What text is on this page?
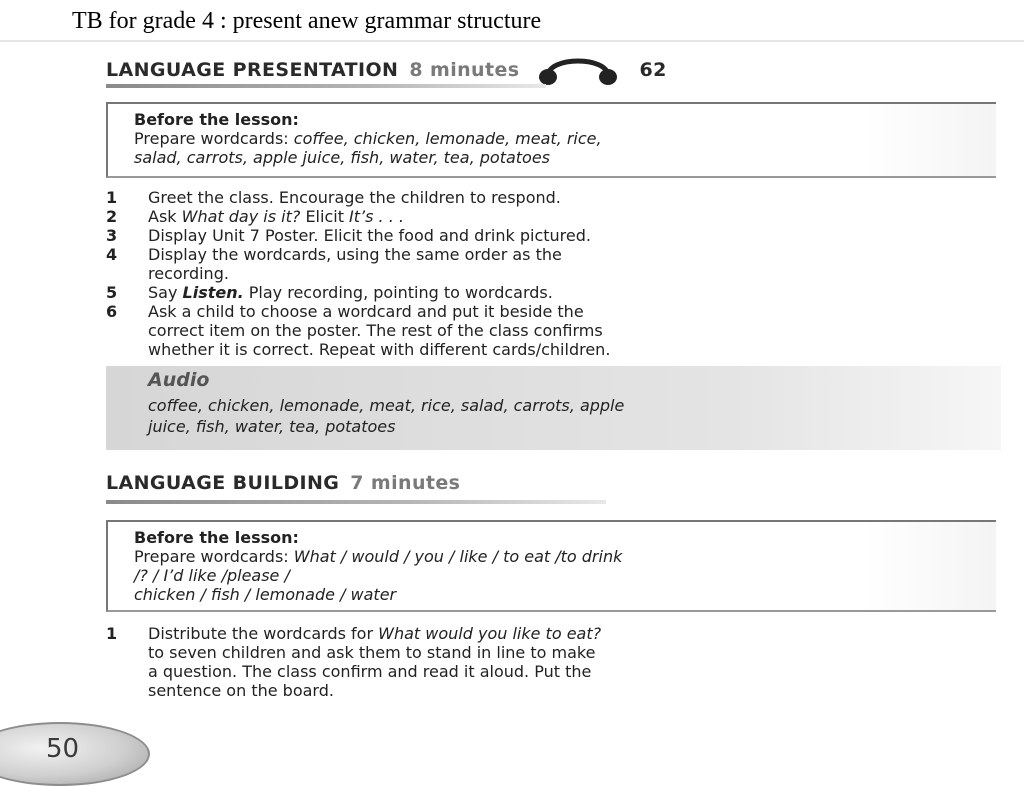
TB for grade 4 : present anew grammar structure
LANGUAGE PRESENTATION 8 minutes	62
Before the lesson:
Prepare wordcards: coffee, chicken, lemonade, meat, rice,
salad, carrots, apple juice, fish, water, tea, potatoes
1	Greet the class. Encourage the children to respond.
2	Ask What day is it? Elicit It’s . . .
3	Display Unit 7 Poster. Elicit the food and drink pictured.
4	Display the wordcards, using the same order as the
recording.
5	Say Listen. Play recording, pointing to wordcards.
6	Ask a child to choose a wordcard and put it beside the
correct item on the poster. The rest of the class confirms
whether it is correct. Repeat with different cards/children.
Audio
coffee, chicken, lemonade, meat, rice, salad, carrots, apple
juice, fish, water, tea, potatoes
LANGUAGE BUILDING 7 minutes
Before the lesson:
Prepare wordcards: What / would / you / like / to eat /to drink
/? / I’d like /please /
chicken / fish / lemonade / water
1	Distribute the wordcards for What would you like to eat?
to seven children and ask them to stand in line to make
a question. The class confirm and read it aloud. Put the
sentence on the board.
50
